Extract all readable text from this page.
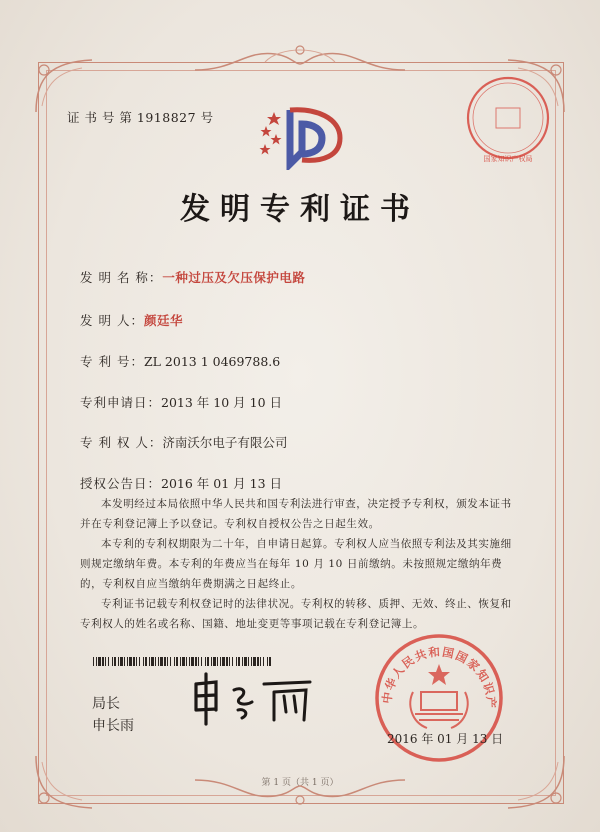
证 书 号 第 1918827 号
国家知识产权局
发明专利证书
发 明 名 称：一种过压及欠压保护电路
发 明 人：颜廷华
专 利 号：ZL 2013 1 0469788.6
专利申请日：2013 年 10 月 10 日
专 利 权 人：济南沃尔电子有限公司
授权公告日：2016 年 01 月 13 日

本发明经过本局依照中华人民共和国专利法进行审查，决定授予专利权，颁发本证书并在专利登记簿上予以登记。专利权自授权公告之日起生效。

本专利的专利权期限为二十年，自申请日起算。专利权人应当依照专利法及其实施细则规定缴纳年费。本专利的年费应当在每年 10 月 10 日前缴纳。未按照规定缴纳年费的，专利权自应当缴纳年费期满之日起终止。

专利证书记载专利权登记时的法律状况。专利权的转移、质押、无效、终止、恢复和专利权人的姓名或名称、国籍、地址变更等事项记载在专利登记簿上。

局长
申长雨
中华人民共和国国家知识产
2016 年 01 月 13 日
第 1 页（共 1 页）
